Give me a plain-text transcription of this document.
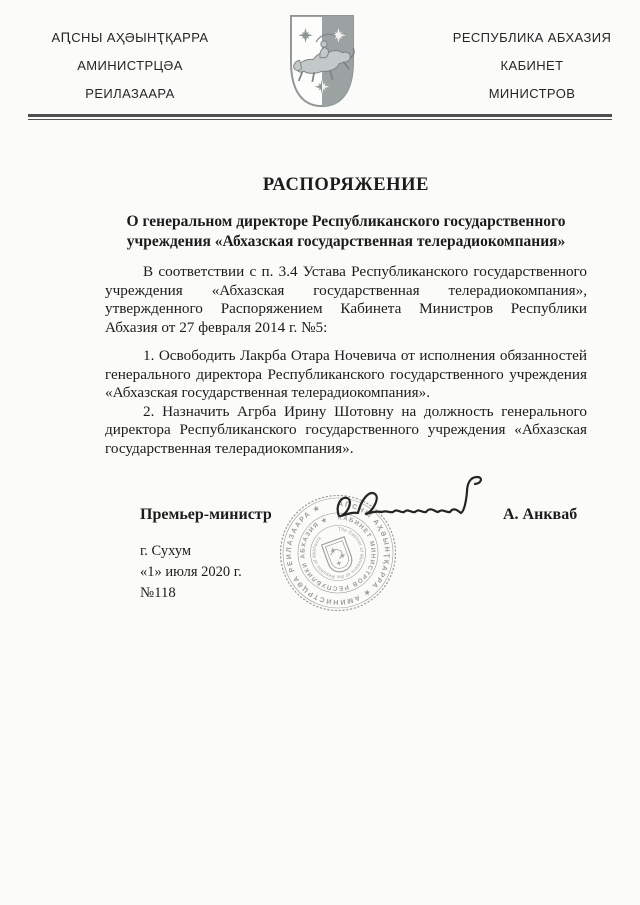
АԤСНЫ АҲӘЫНҬҚАРРА
АМИНИСТРЦӘА
РЕИЛАЗААРА
РЕСПУБЛИКА АБХАЗИЯ
КАБИНЕТ
МИНИСТРОВ
РАСПОРЯЖЕНИЕ
О генеральном директоре Республиканского государственного учреждения «Абхазская государственная телерадиокомпания»

В соответствии с п. 3.4 Устава Республиканского государственного учреждения «Абхазская государственная телерадиокомпания», утвержденного Распоряжением Кабинета Министров Республики Абхазия от 27 февраля 2014 г. №5:

1. Освободить Лакрба Отара Ночевича от исполнения обязанностей генерального директора Республиканского государственного учреждения «Абхазская государственная телерадиокомпания».

2. Назначить Агрба Ирину Шотовну на должность генерального директора Республиканского государственного учреждения «Абхазская государственная телерадиокомпания».

Премьер-министр	А. Анкваб
г. Сухум
«1» июля 2020 г.
№118
АԤСНЫ АҲӘЫНҬҚАРРА ★ АМИНИСТРЦӘА РЕИЛАЗААРА ★
КАБИНЕТ МИНИСТРОВ РЕСПУБЛИКИ АБХАЗИЯ ★
The Cabinet of Ministers of the Republic of Abkhazia
